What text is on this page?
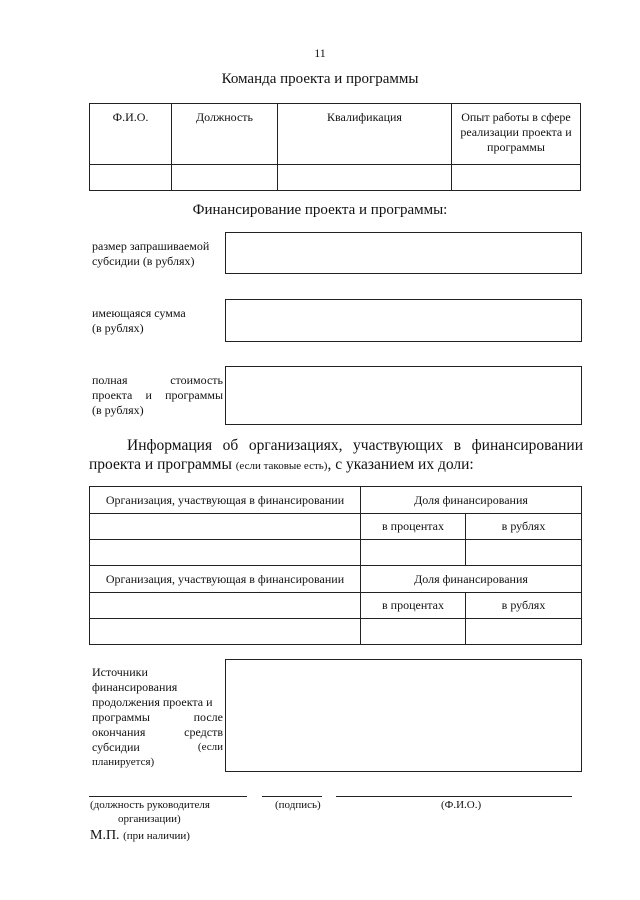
11
Команда проекта и программы
Ф.И.О.	Должность	Квалификация	Опыт работы в сфере реализации проекта и программы

Финансирование проекта и программы:
размер запрашиваемой
субсидии (в рублях)
имеющаяся сумма
(в рублях)
полная	стоимость
проекта и программы
(в рублях)
Информация об организациях, участвующих в финансировании
проекта и программы (если таковые есть), с указанием их доли:
Организация, участвующая в финансировании	Доля финансирования	
	в процентах	в рублях

Организация, участвующая в финансировании	Доля финансирования	
	в процентах	в рублях

Источники
финансирования
продолжения проекта и
программы после
окончания средств
субсидии	(если
планируется)
(должность руководителя
организации)
(подпись)	(Ф.И.О.)
М.П. (при наличии)
